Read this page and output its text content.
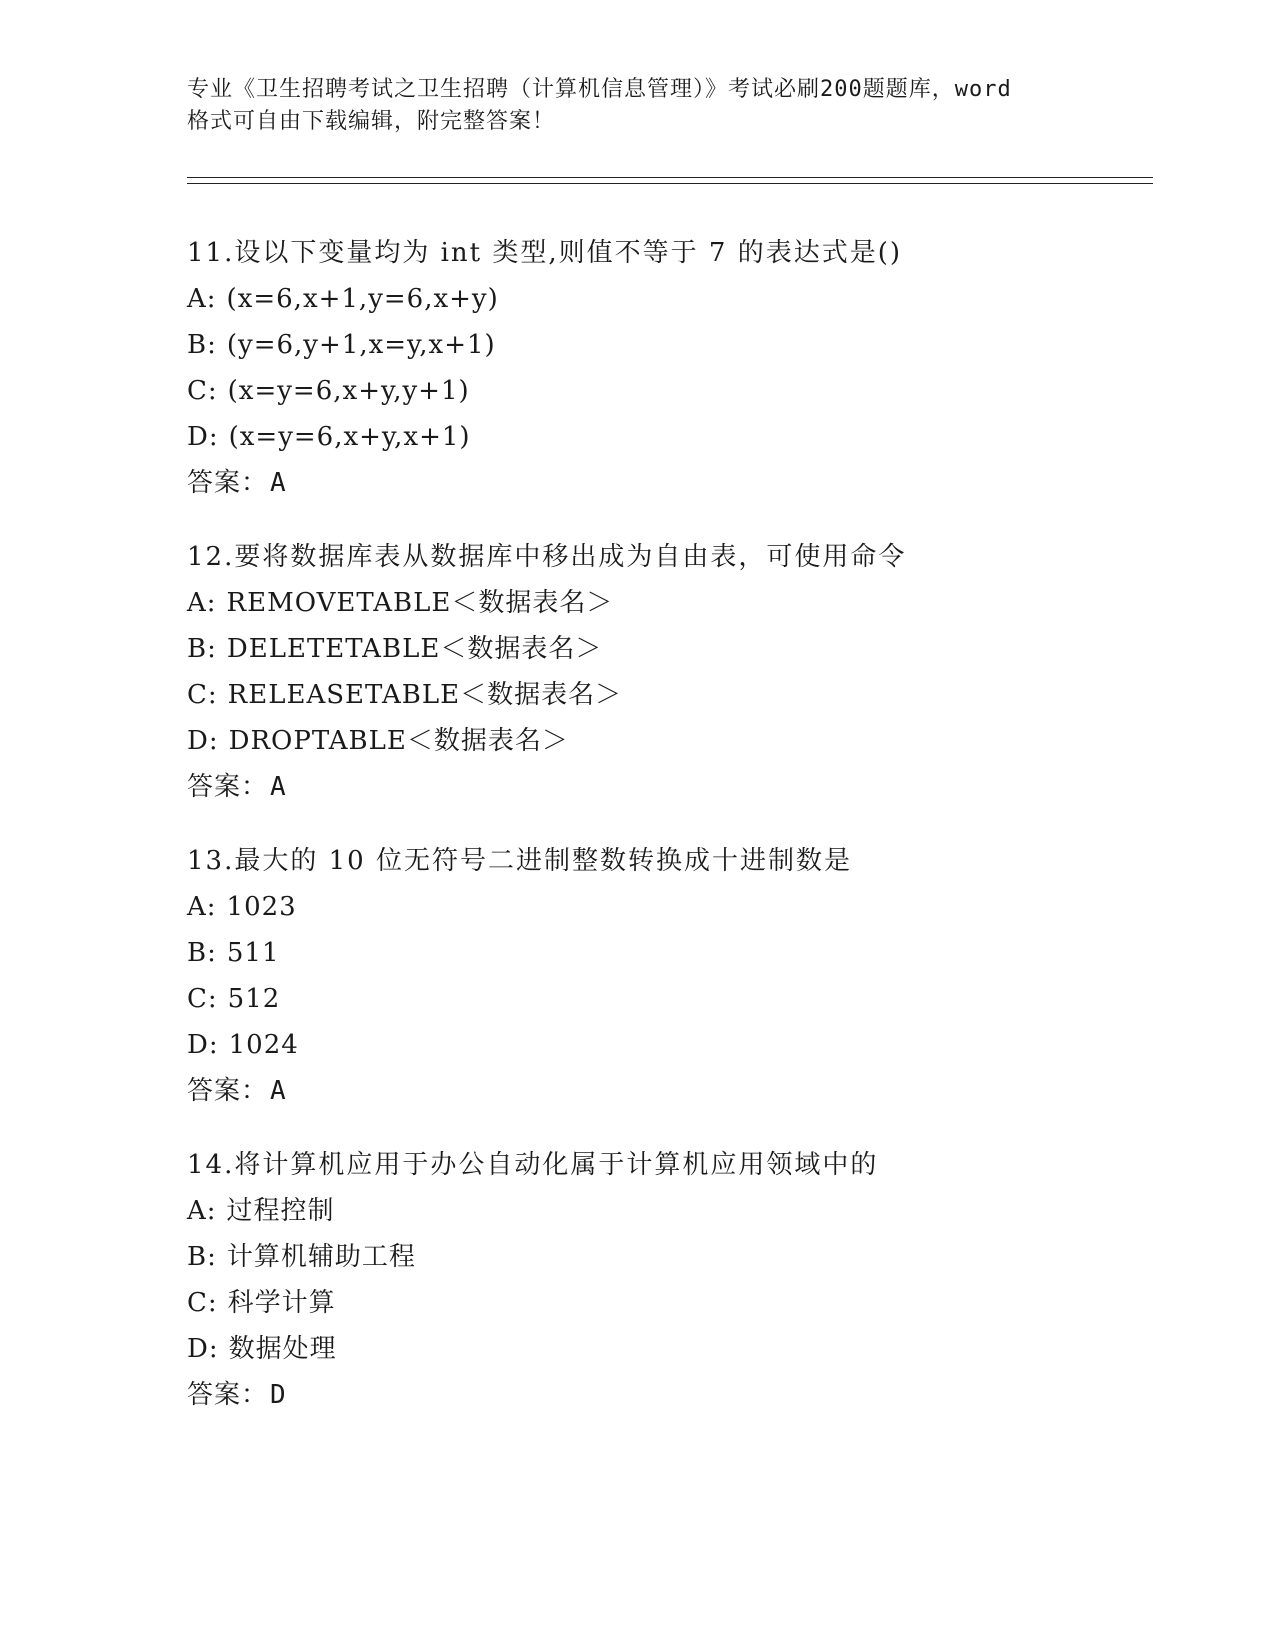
专业《卫生招聘考试之卫生招聘（计算机信息管理）》考试必刷200题题库，word
格式可自由下载编辑，附完整答案！
11.设以下变量均为 int 类型,则值不等于 7 的表达式是()
A: (x=6,x+1,y=6,x+y)
B: (y=6,y+1,x=y,x+1)
C: (x=y=6,x+y,y+1)
D: (x=y=6,x+y,x+1)
答案：A
12.要将数据库表从数据库中移出成为自由表，可使用命令
A: REMOVETABLE＜数据表名＞
B: DELETETABLE＜数据表名＞
C: RELEASETABLE＜数据表名＞
D: DROPTABLE＜数据表名＞
答案：A
13.最大的 10 位无符号二进制整数转换成十进制数是
A: 1023
B: 511
C: 512
D: 1024
答案：A
14.将计算机应用于办公自动化属于计算机应用领域中的
A: 过程控制
B: 计算机辅助工程
C: 科学计算
D: 数据处理
答案：D
